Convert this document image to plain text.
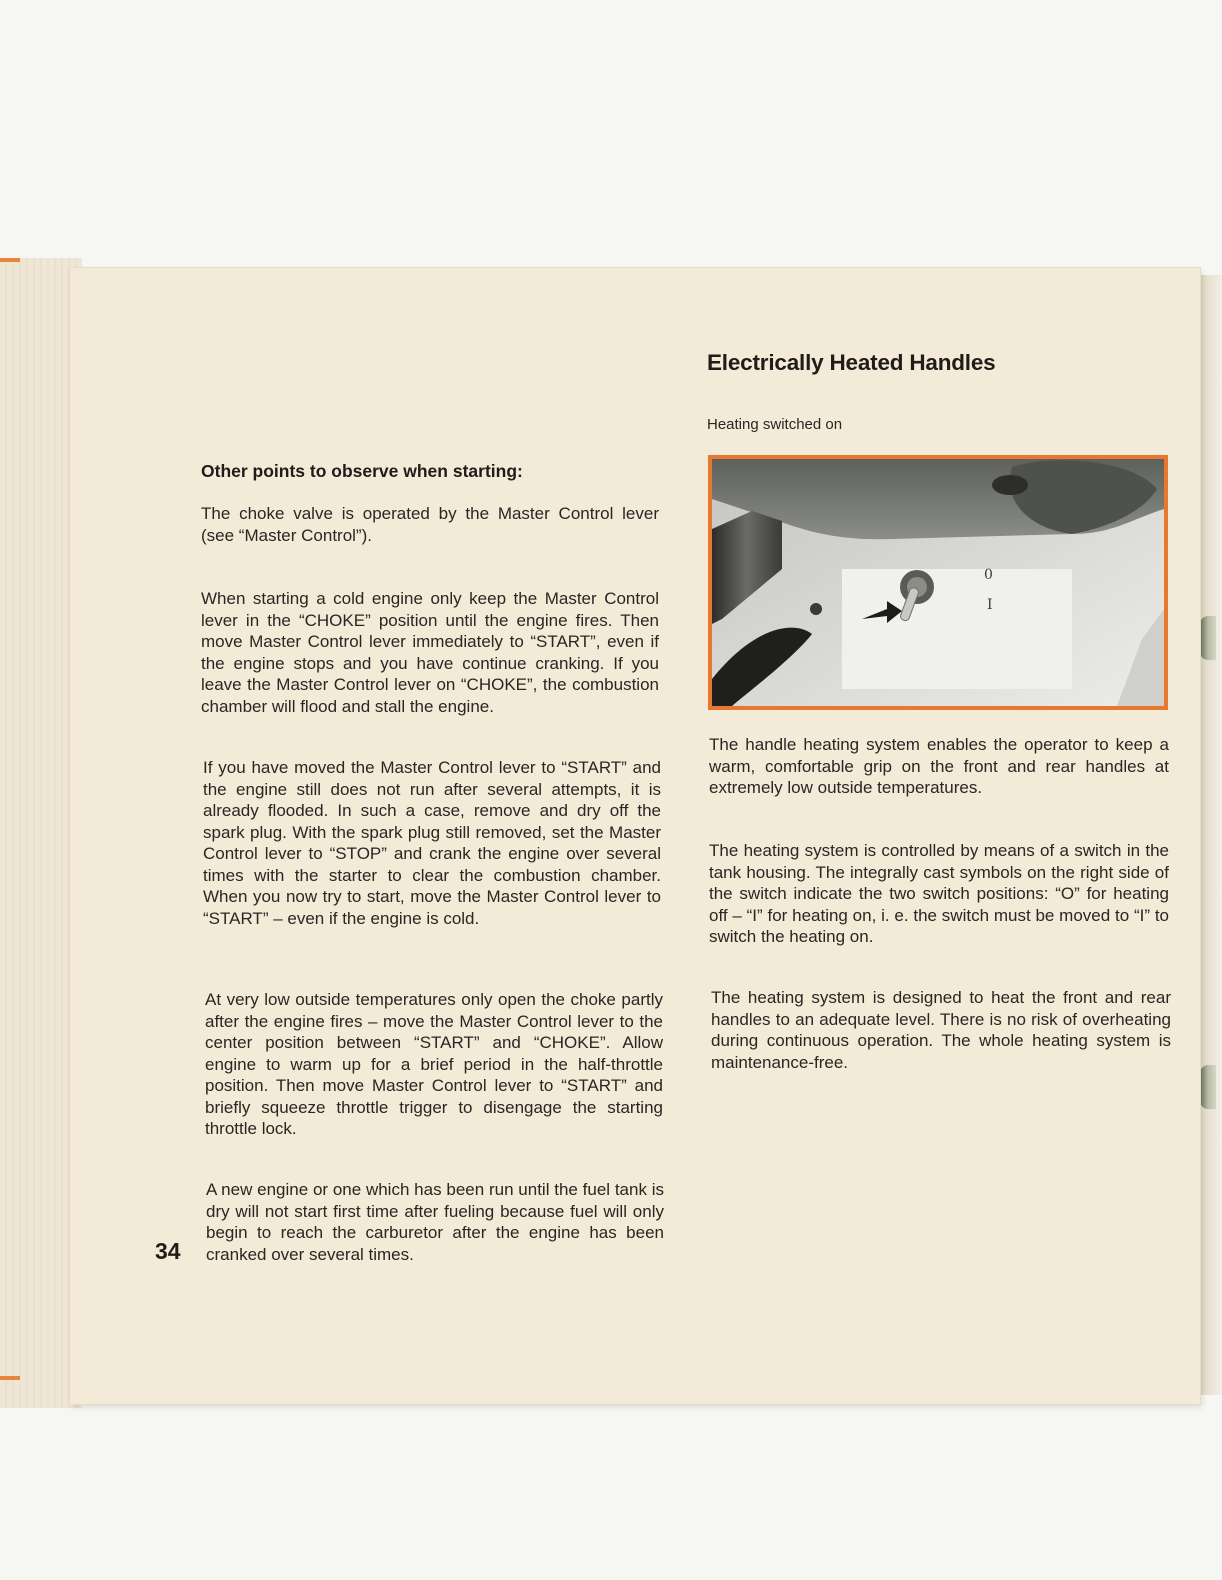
Other points to observe when starting:

The choke valve is operated by the Master Control lever (see “Master Control”).

When starting a cold engine only keep the Master Control lever in the “CHOKE” position until the engine fires. Then move Master Control lever immediately to “START”, even if the engine stops and you have continue cranking. If you leave the Master Control lever on “CHOKE”, the combustion chamber will flood and stall the engine.

If you have moved the Master Control lever to “START” and the engine still does not run after several attempts, it is already flooded. In such a case, remove and dry off the spark plug. With the spark plug still removed, set the Master Control lever to “STOP” and crank the engine over several times with the starter to clear the combustion chamber. When you now try to start, move the Master Control lever to “START” – even if the engine is cold.

At very low outside temperatures only open the choke partly after the engine fires – move the Master Control lever to the center position between “START” and “CHOKE”. Allow engine to warm up for a brief period in the half-throttle position. Then move Master Control lever to “START” and briefly squeeze throttle trigger to disengage the starting throttle lock.

A new engine or one which has been run until the fuel tank is dry will not start first time after fueling because fuel will only begin to reach the carburetor after the engine has been cranked over several times.

34
Electrically Heated Handles
Heating switched on
0
I

The handle heating system enables the operator to keep a warm, comfortable grip on the front and rear handles at extremely low outside temperatures.

The heating system is controlled by means of a switch in the tank housing. The integrally cast symbols on the right side of the switch indicate the two switch positions: “O” for heating off – “I” for heating on, i. e. the switch must be moved to “I” to switch the heating on.

The heating system is designed to heat the front and rear handles to an adequate level. There is no risk of overheating during continuous operation. The whole heating system is maintenance-free.
